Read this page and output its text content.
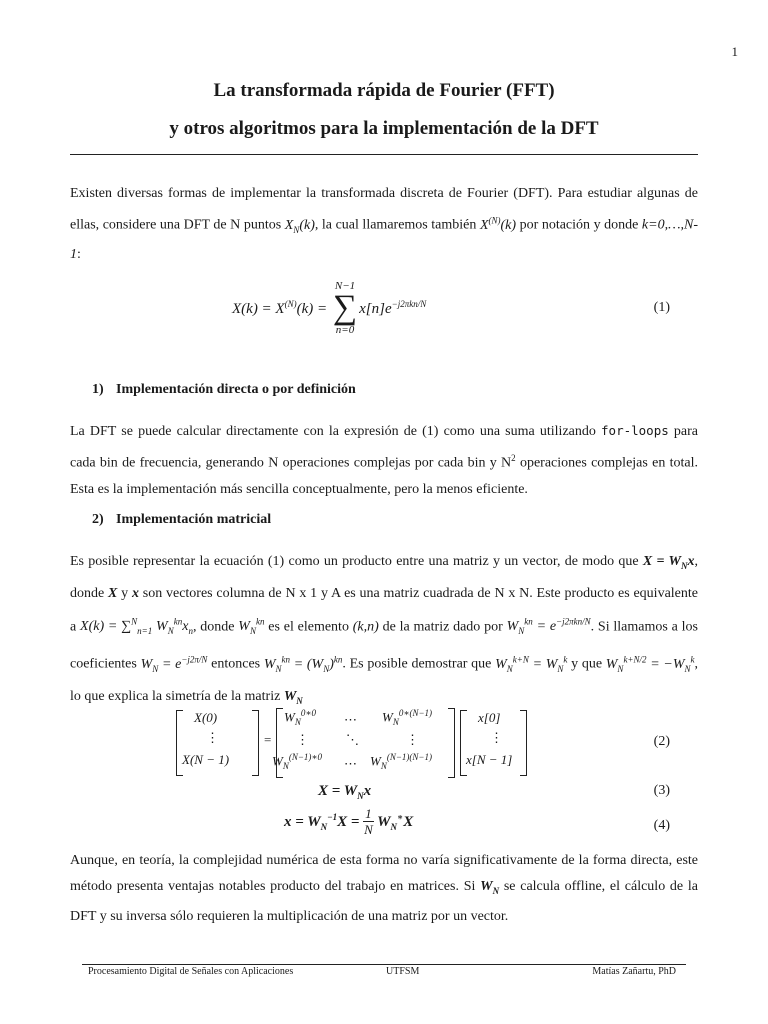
1
La transformada rápida de Fourier (FFT)
y otros algoritmos para la implementación de la DFT
Existen diversas formas de implementar la transformada discreta de Fourier (DFT). Para estudiar algunas de ellas, considere una DFT de N puntos $X_N(k)$, la cual llamaremos también $X^{(N)}(k)$ por notación y donde k=0,…,N-1:
$X(k) = X^{(N)}(k) = N-1$
∑
$n=0x[n]e^{-j2\pi kn/N}$	(1)
1) Implementación directa o por definición
La DFT se puede calcular directamente con la expresión de (1) como una suma utilizando for-loops para cada bin de frecuencia, generando N operaciones complejas por cada bin y $N^2$ operaciones complejas en total. Esta es la implementación más sencilla conceptualmente, pero la menos eficiente.
2) Implementación matricial
Es posible representar la ecuación (1) como un producto entre una matriz y un vector, de modo que $X = W_Nx$, donde X y x son vectores columna de N x 1 y A es una matriz cuadrada de N x N. Este producto es equivalente a X(k) = ∑$^N_{n=1}$ $W_N^{kn}x_n$, donde $W_N^{kn}$ es el elemento (k,n) de la matriz dado por $W_N^{kn} = e^{-j2\pi kn/N}$. Si llamamos a los coeficientes $W_N = e^{-j2\pi/N}$ entonces $W_N^{kn} = (W_N)^{kn}$. Es posible demostrar que $W_N^{k+N} = W_N^k$ y que $W_N^{k+N/2} = -W_N^k$, lo que explica la simetría de la matriz $W_N$
X(0)
⋮
X(N − 1)
=
$W_N^{0∗0}$ ⋯ $W_N^{0∗(N-1)}$
⋮	⋱	⋮
$W_N^{(N-1)∗0}$ ⋯ $W_N^{(N-1)(N-1)}$
x[0]
⋮
x[N − 1]
(2)
$X = W_Nx$	(3)
$x = W_N^{-1}X = \frac{1}{N} W_N^∗X$	(4)
Aunque, en teoría, la complejidad numérica de esta forma no varía significativamente de la forma directa, este método presenta ventajas notables producto del trabajo en matrices. Si $W_N$ se calcula offline, el cálculo de la DFT y su inversa sólo requieren la multiplicación de una matriz por un vector.
Procesamiento Digital de Señales con Aplicaciones	UTFSM	Matías Zañartu, PhD
